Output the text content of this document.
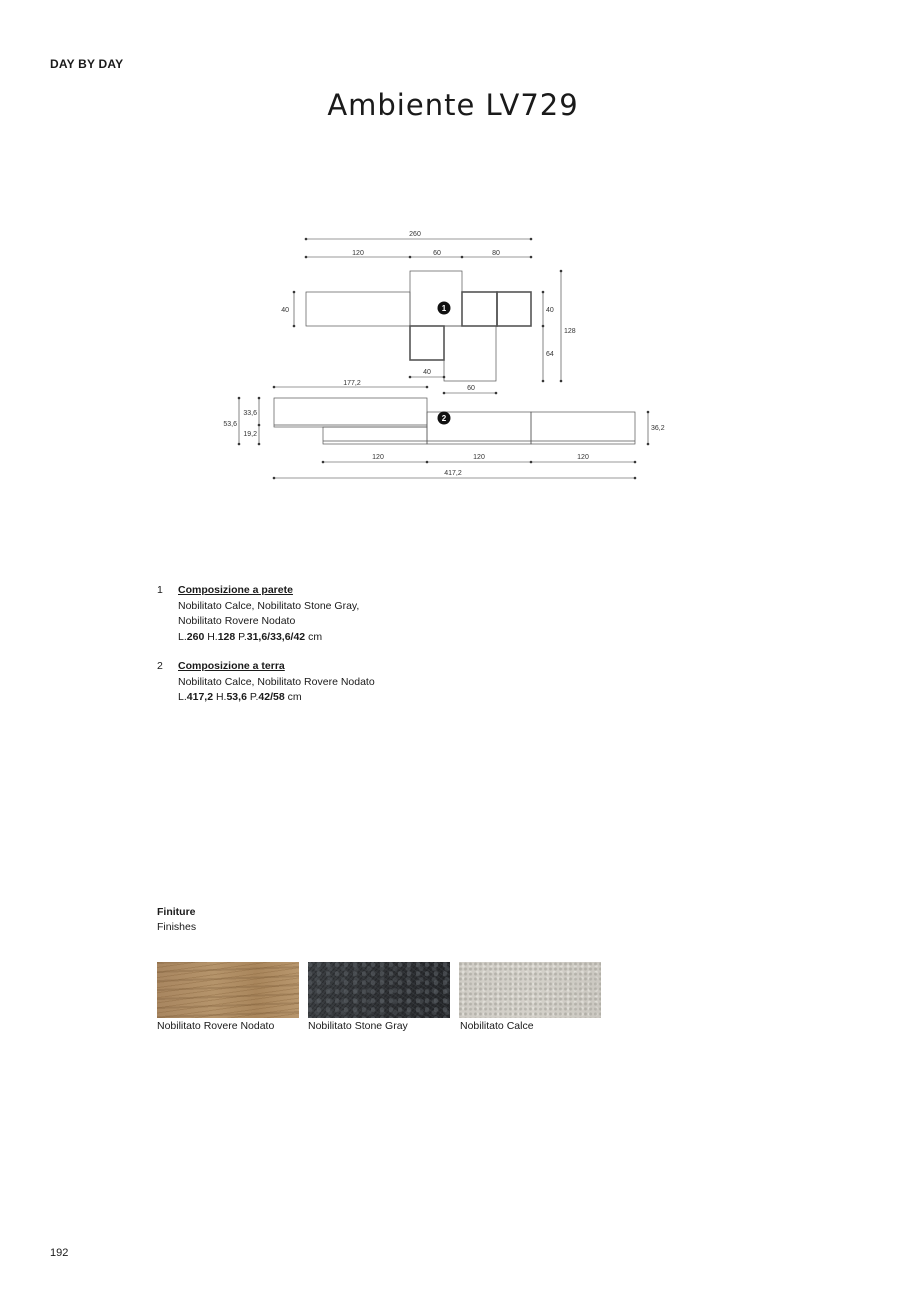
DAY BY DAY
Ambiente LV729
1
2
260
120	60	80
40	40
64
128
40
60
177,2
53,6
33,6
19,2
36,2
120	120	120
417,2
1 Composizione a parete
Nobilitato Calce, Nobilitato Stone Gray,
Nobilitato Rovere Nodato
L.260 H.128 P.31,6/33,6/42 cm
2 Composizione a terra
Nobilitato Calce, Nobilitato Rovere Nodato
L.417,2 H.53,6 P.42/58 cm
Finiture
Finishes
Nobilitato Rovere Nodato	Nobilitato Stone Gray	Nobilitato Calce
192
